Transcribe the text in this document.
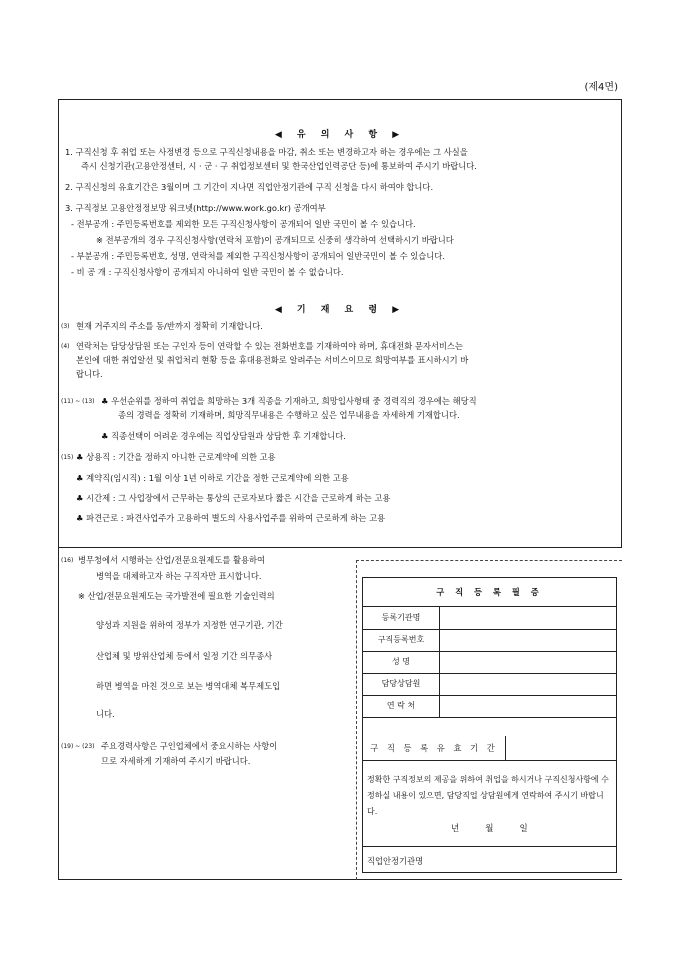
(제4면)
◀ 유 의 사 항 ▶
1. 구직신청 후 취업 또는 사정변경 등으로 구직신청내용을 마감, 취소 또는 변경하고자 하는 경우에는 그 사실을
즉시 신청기관(고용안정센터, 시 · 군 · 구 취업정보센터 및 한국산업인력공단 등)에 통보하여 주시기 바랍니다.
2. 구직신청의 유효기간은 3월이며 그 기간이 지나면 직업안정기관에 구직 신청을 다시 하여야 합니다.
3. 구직정보 고용안정정보망 워크넷(http://www.work.go.kr) 공개여부
- 전부공개 : 주민등록번호를 제외한 모든 구직신청사항이 공개되어 일반 국민이 볼 수 있습니다.
※ 전부공개의 경우 구직신청사항(연락처 포함)이 공개되므로 신중히 생각하여 선택하시기 바랍니다
- 부분공개 : 주민등록번호, 성명, 연락처를 제외한 구직신청사항이 공개되어 일반국민이 볼 수 있습니다.
- 비 공 개 : 구직신청사항이 공개되지 아니하여 일반 국민이 볼 수 없습니다.
◀ 기 재 요 령 ▶
(3) 현재 거주지의 주소를 동/반까지 정확히 기재합니다.
(4) 연락처는 담당상담원 또는 구인자 등이 연락할 수 있는 전화번호를 기재하여야 하며, 휴대전화 문자서비스는
본인에 대한 취업알선 및 취업처리 현황 등을 휴대용전화로 알려주는 서비스이므로 희망여부를 표시하시기 바
랍니다.
(11) ~ (13) ♣ 우선순위를 정하여 취업을 희망하는 3개 직종을 기재하고, 희망입사형태 중 경력직의 경우에는 해당직
종의 경력을 정확히 기재하며, 희망직무내용은 수행하고 싶은 업무내용을 자세하게 기재합니다.
♣ 직종선택이 어려운 경우에는 직업상담원과 상담한 후 기재합니다.
(15) ♣ 상용직 : 기간을 정하지 아니한 근로계약에 의한 고용
♣ 계약직(임시직) : 1월 이상 1년 이하로 기간을 정한 근로계약에 의한 고용
♣ 시간제 : 그 사업장에서 근무하는 통상의 근로자보다 짧은 시간을 근로하게 하는 고용
♣ 파견근로 : 파견사업주가 고용하여 별도의 사용사업주를 위하여 근로하게 하는 고용
(16) 병무청에서 시행하는 산업/전문요원제도를 활용하여
병역을 대체하고자 하는 구직자만 표시합니다.
※ 산업/전문요원제도는 국가발전에 필요한 기술인력의
양성과 지원을 위하여 정부가 지정한 연구기관, 기간
산업체 및 방위산업체 등에서 일정 기간 의무종사
하면 병역을 마친 것으로 보는 병역대체 복무제도입
니다.
(19) ~ (23) 주요경력사항은 구인업체에서 중요시하는 사항이
므로 자세하게 기재하여 주시기 바랍니다.
구 직 등 록 필 증
등록기관명
구직등록번호
성 명
담당상담원
연 락 처
구 직 등 록 유 효 기 간
정확한 구직정보의 제공을 위하여 취업을 하시거나 구직신청사항에 수정하실 내용이 있으면, 담당직업 상담원에게 연락하여 주시기 바랍니다.
년	월	일
직업안정기관명
